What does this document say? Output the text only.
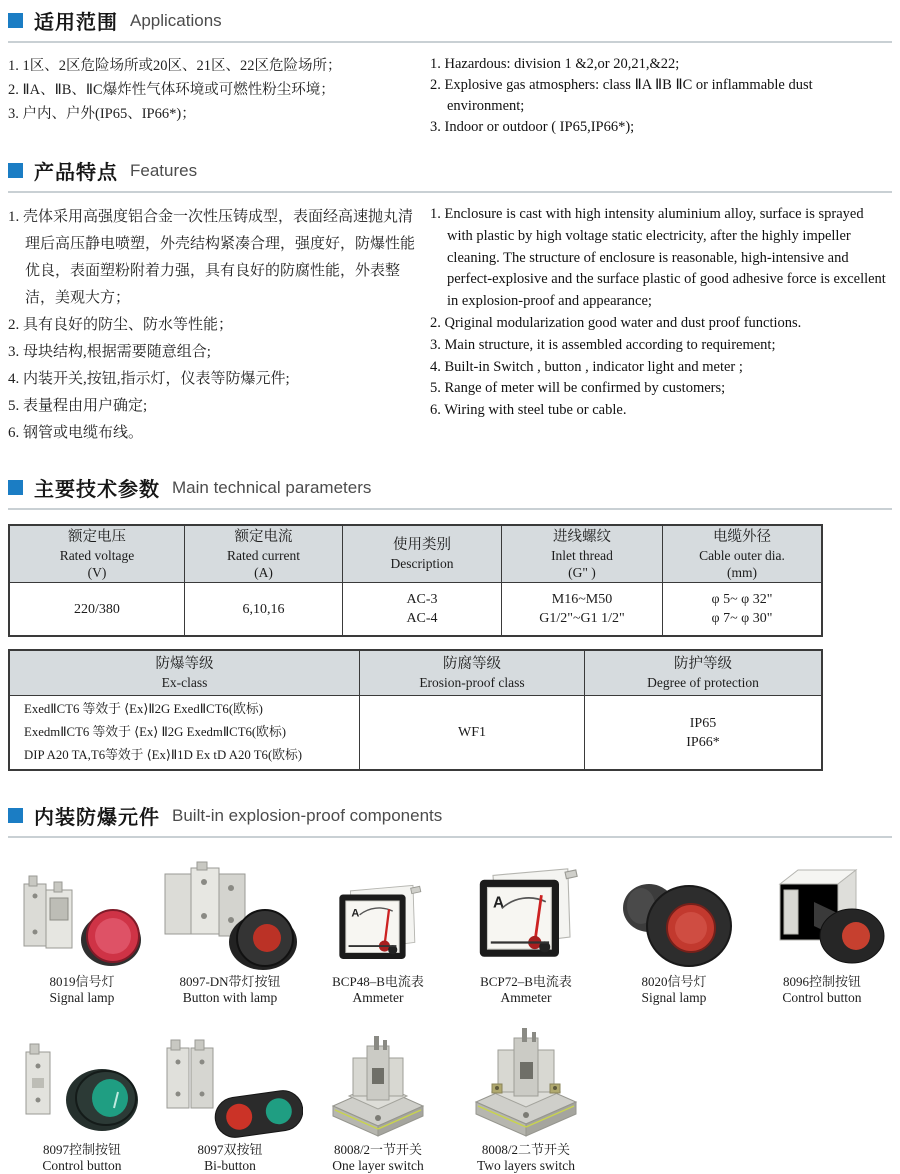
适用范围 Applications
1. 1区、2区危险场所或20区、21区、22区危险场所；
2. ⅡA、ⅡB、ⅡC爆炸性气体环境或可燃性粉尘环境；
3. 户内、户外(IP65、IP66*)；
1. Hazardous: division 1 &2,or 20,21,&22;
2. Explosive gas atmosphers: class ⅡA ⅡB ⅡC or inflammable dust environment;
3. Indoor or outdoor ( IP65,IP66*);
产品特点 Features
1. 壳体采用高强度铝合金一次性压铸成型，表面经高速抛丸清理后高压静电喷塑，外壳结构紧凑合理，强度好，防爆性能优良，表面塑粉附着力强，具有良好的防腐性能，外表整洁，美观大方；
2. 具有良好的防尘、防水等性能；
3. 母块结构,根据需要随意组合;
4. 内装开关,按钮,指示灯，仪表等防爆元件;
5. 表量程由用户确定;
6. 钢管或电缆布线。
1. Enclosure is cast with high intensity aluminium alloy, surface is sprayed with plastic by high voltage static electricity, after the highly impeller cleaning. The structure of enclosure is reasonable, high-intensive and perfect-explosive and the surface plastic of good adhesive force is excellent in explosion-proof and appearance;
2. Qriginal modularization good water and dust proof functions.
3. Main structure, it is assembled according to requirement;
4. Built-in Switch , button , indicator light and meter ;
5. Range of meter will be confirmed by customers;
6. Wiring with steel tube or cable.
主要技术参数 Main technical parameters
额定电压
Rated voltage
(V)
额定电流
Rated current
(A)
使用类别
Description
进线螺纹
Inlet thread
(G" )
电缆外径
Cable outer dia.
(mm)
220/380	6,10,16
AC-3
AC-4
M16~M50
G1/2"~G1 1/2"
φ 5~ φ 32"
φ 7~ φ 30"
防爆等级
Ex-class
防腐等级
Erosion-proof class
防护等级
Degree of protection
ExedⅡCT6 等效于 ⟨Ex⟩Ⅱ2G ExedⅡCT6(欧标)
ExedmⅡCT6 等效于 ⟨Ex⟩ Ⅱ2G ExedmⅡCT6(欧标)
DIP A20 TA,T6等效于 ⟨Ex⟩Ⅱ1D Ex tD A20 T6(欧标)
WF1
IP65
IP66*
内装防爆元件 Built-in explosion-proof components
8019信号灯
Signal lamp
8097-DN带灯按钮
Button with lamp
A
BCP48–B电流表
Ammeter
A
BCP72–B电流表
Ammeter
8020信号灯
Signal lamp
8096控制按钮
Control button
8097控制按钮
Control button
8097双按钮
Bi-button
8008/2一节开关
One layer switch
8008/2二节开关
Two layers switch
